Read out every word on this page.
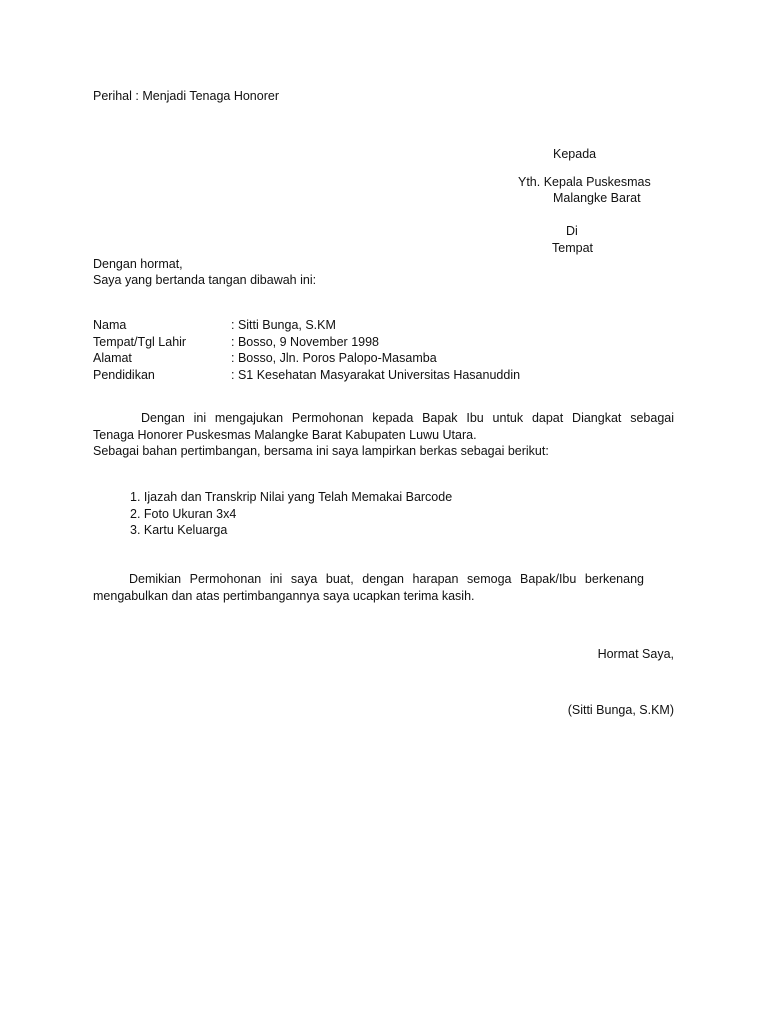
Perihal : Menjadi Tenaga Honorer
Kepada
Yth. Kepala Puskesmas
Malangke Barat
Di
Tempat
Dengan hormat,
Saya yang bertanda tangan dibawah ini:
Nama	: Sitti Bunga, S.KM
Tempat/Tgl Lahir	: Bosso, 9 November 1998
Alamat	: Bosso, Jln. Poros Palopo-Masamba
Pendidikan	: S1 Kesehatan Masyarakat Universitas Hasanuddin
Dengan ini mengajukan Permohonan kepada Bapak Ibu untuk dapat Diangkat sebagai
Tenaga Honorer Puskesmas Malangke Barat Kabupaten Luwu Utara.
Sebagai bahan pertimbangan, bersama ini saya lampirkan berkas sebagai berikut:
1. Ijazah dan Transkrip Nilai yang Telah Memakai Barcode
2. Foto Ukuran 3x4
3. Kartu Keluarga
Demikian Permohonan ini saya buat, dengan harapan semoga Bapak/Ibu berkenang
mengabulkan dan atas pertimbangannya saya ucapkan terima kasih.
Hormat Saya,
(Sitti Bunga, S.KM)
